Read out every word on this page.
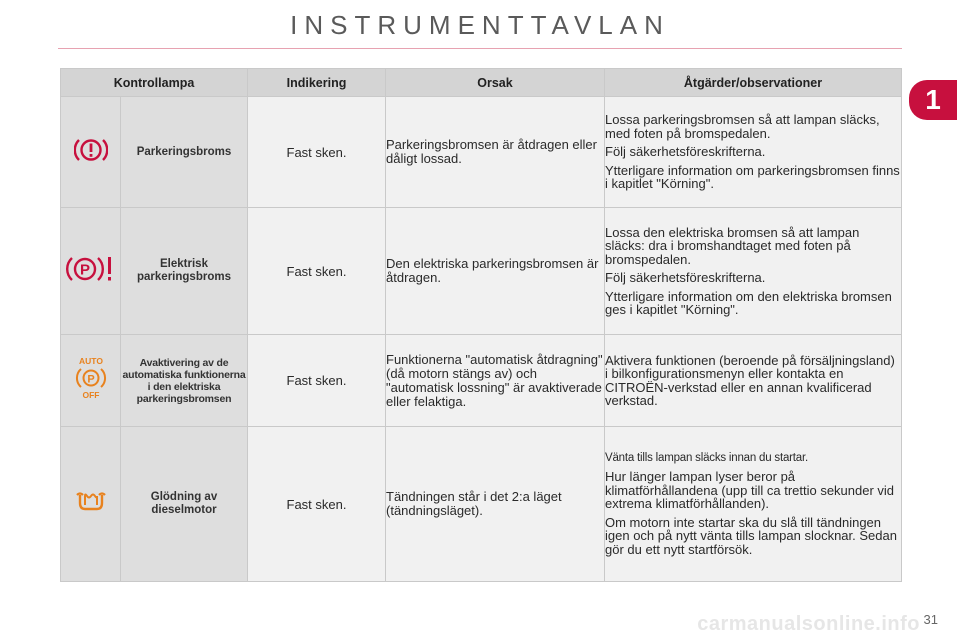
INSTRUMENTTAVLAN
1
Kontrollampa		Indikering	Orsak	Åtgärder/observationer
	Parkeringsbroms	Fast sken.	Parkeringsbromsen är åtdragen eller dåligt lossad.	Lossa parkeringsbromsen så att lampan släcks, med foten på bromspedalen.

Följ säkerhetsföreskrifterna.

Ytterligare information om parkeringsbromsen finns i kapitlet "Körning".

P	Elektrisk parkeringsbroms	Fast sken.	Den elektriska parkeringsbromsen är åtdragen.	Lossa den elektriska bromsen så att lampan släcks: dra i bromshandtaget med foten på bromspedalen.

Följ säkerhetsföreskrifterna.

Ytterligare information om den elektriska bromsen ges i kapitlet "Körning".

AUTO
P
OFF	Avaktivering av de automatiska funktionerna i den elektriska parkeringsbromsen	Fast sken.	Funktionerna "automatisk åtdragning" (då motorn stängs av) och "automatisk lossning" är avaktiverade eller felaktiga.	Aktivera funktionen (beroende på försäljningsland) i bilkonfigurationsmenyn eller kontakta en CITROËN-verkstad eller en annan kvalificerad verkstad.

	Glödning av dieselmotor	Fast sken.	Tändningen står i det 2:a läget (tändningsläget).	Vänta tills lampan släcks innan du startar.

Hur länger lampan lyser beror på klimatförhållandena (upp till ca trettio sekunder vid extrema klimatförhållanden).

Om motorn inte startar ska du slå till tändningen igen och på nytt vänta tills lampan slocknar. Sedan gör du ett nytt startförsök.

carmanualsonline.info 31
